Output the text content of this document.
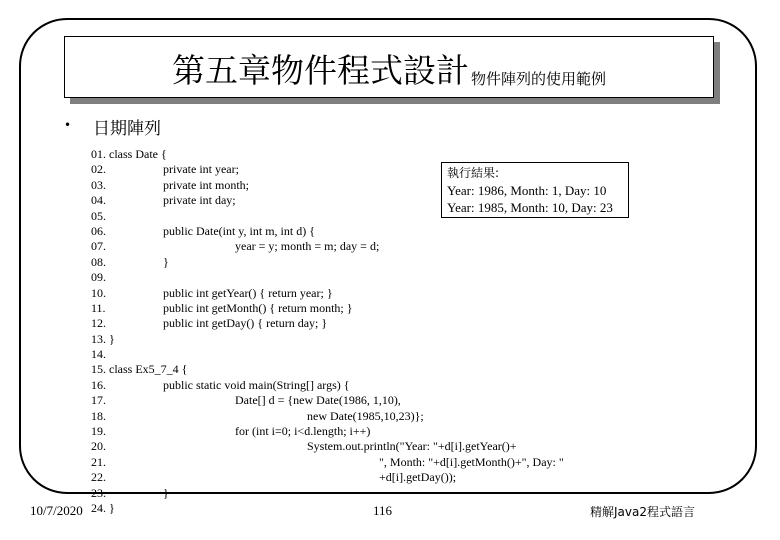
第五章物件程式設計 物件陣列的使用範例
• 日期陣列
01. class Date {
02.	private int year;
03.	private int month;
04.	private int day;
05.
06.	public Date(int y, int m, int d) {
07.	year = y; month = m; day = d;
08.	}
09.
10.	public int getYear() { return year; }
11.	public int getMonth() { return month; }
12.	public int getDay() { return day; }
13. }
14.
15. class Ex5_7_4 {
16.	public static void main(String[] args) {
17.	Date[] d = {new Date(1986, 1,10),
18.	new Date(1985,10,23)};
19.	for (int i=0; i<d.length; i++)
20.	System.out.println("Year: "+d[i].getYear()+
21.	", Month: "+d[i].getMonth()+", Day: "
22.	+d[i].getDay());
23.	}
24. }
執行結果:
Year: 1986, Month: 1, Day: 10
Year: 1985, Month: 10, Day: 23
10/7/2020	116	精解Java2程式語言
